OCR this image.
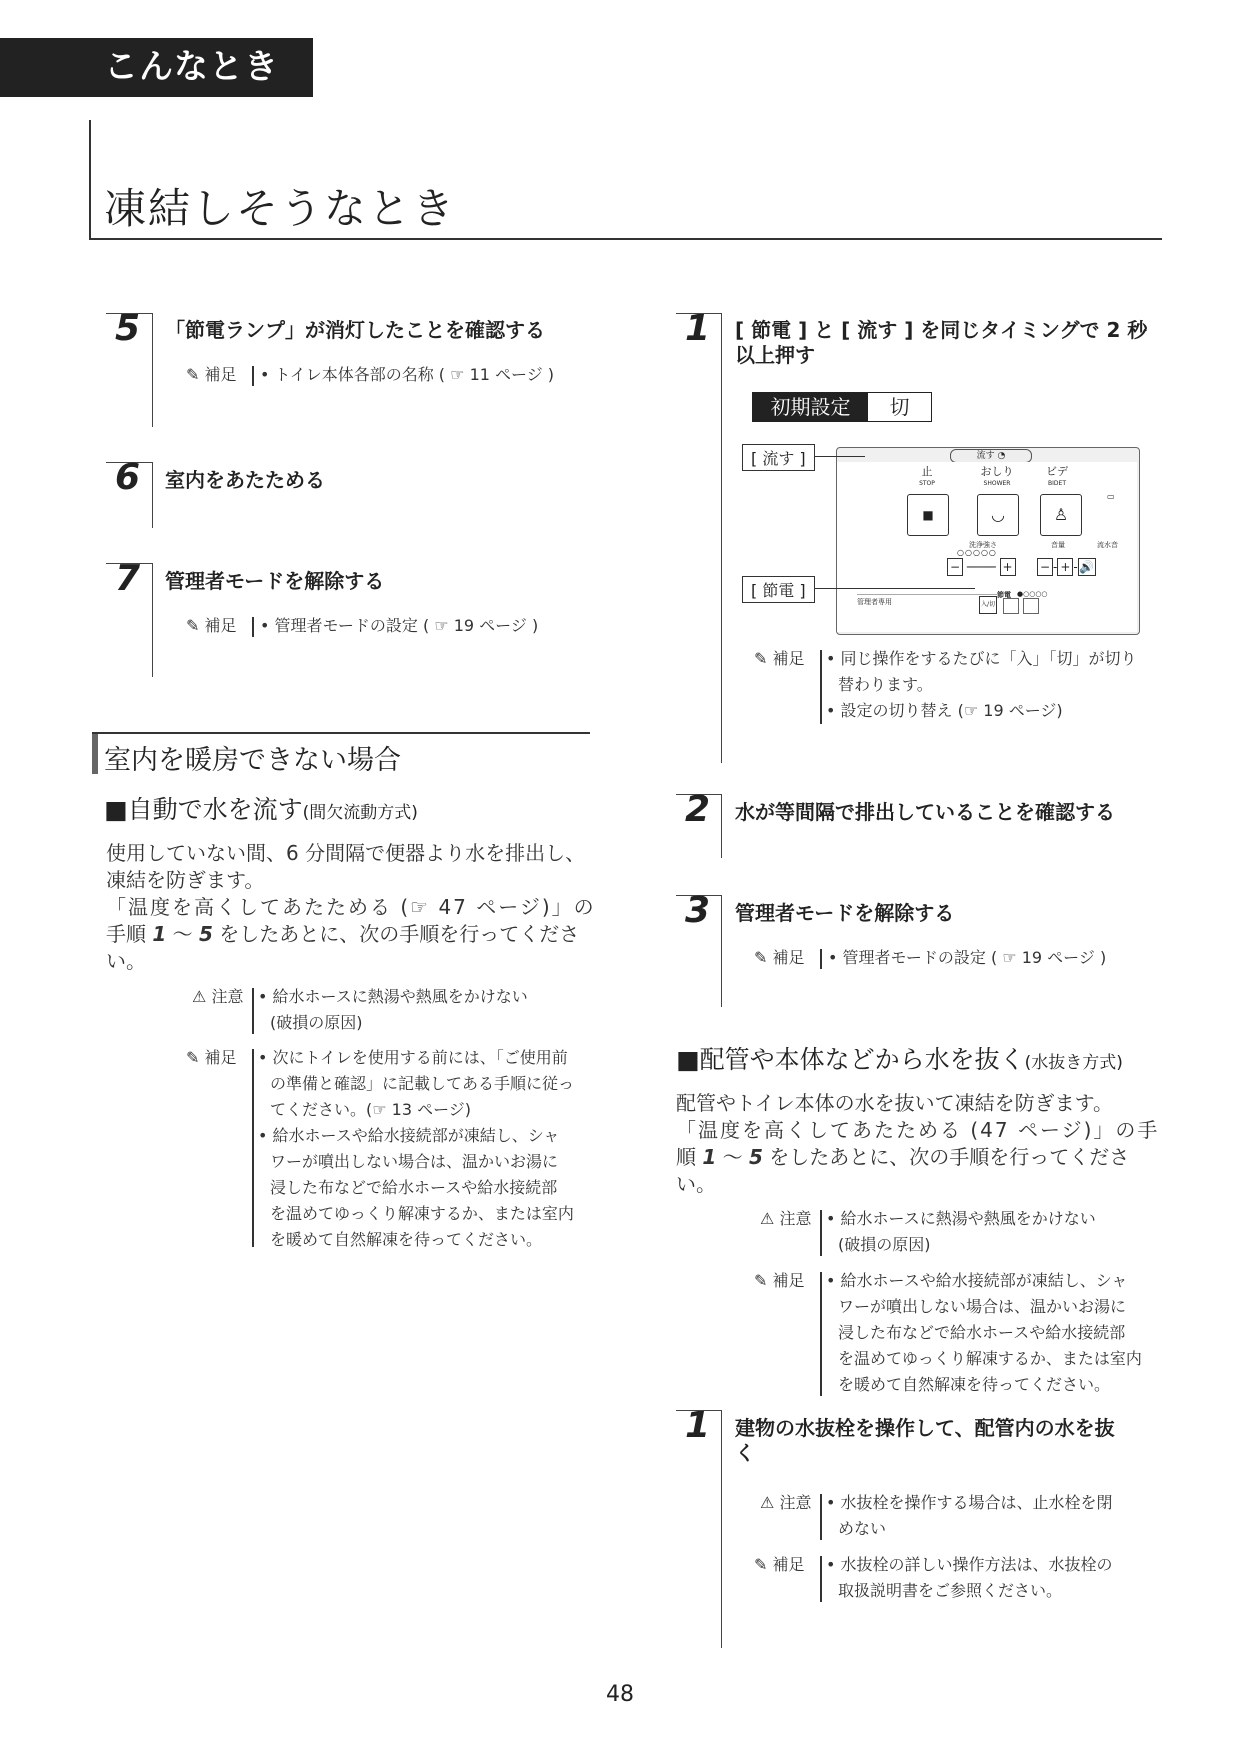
こんなときは
凍結しそうなとき
5 「節電ランプ」が消灯したことを確認する
✎ 補足 • トイレ本体各部の名称 ( ☞ 11 ページ )
6 室内をあたためる
7 管理者モードを解除する
✎ 補足 • 管理者モードの設定 ( ☞ 19 ページ )
室内を暖房できない場合
■自動で水を流す(間欠流動方式)
使用していない間、6 分間隔で便器より水を排出し、
凍結を防ぎます。
「温度を高くしてあたためる (☞ 47 ページ)」の
手順 1 ～ 5 をしたあとに、次の手順を行ってくださ
い。
⚠ 注意 • 給水ホースに熱湯や熱風をかけない
(破損の原因)
✎ 補足 • 次にトイレを使用する前には、「ご使用前
の準備と確認」に記載してある手順に従っ
てください。(☞ 13 ページ)
• 給水ホースや給水接続部が凍結し、シャ
ワーが噴出しない場合は、温かいお湯に
浸した布などで給水ホースや給水接続部
を温めてゆっくり解凍するか、または室内
を暖めて自然解凍を待ってください。
1 [ 節電 ] と [ 流す ] を同じタイミングで 2 秒
以上押す
初期設定	切
流す ◔
止
STOP
おしり
SHOWER
ビデ
BIDET
■	◡	♙
▭
洗浄強さ
○○○○○
− ──── +
音量	流水音
− - + - 🔊
管理者専用	入/切
節電 ●○○○○
[ 流す ]
[ 節電 ]
✎ 補足 • 同じ操作をするたびに「入」「切」が切り
替わります。
• 設定の切り替え (☞ 19 ページ)
2 水が等間隔で排出していることを確認する
3 管理者モードを解除する
✎ 補足 • 管理者モードの設定 ( ☞ 19 ページ )
■配管や本体などから水を抜く(水抜き方式)
配管やトイレ本体の水を抜いて凍結を防ぎます。
「温度を高くしてあたためる (47 ページ)」の手
順 1 ～ 5 をしたあとに、次の手順を行ってください。
⚠ 注意 • 給水ホースに熱湯や熱風をかけない
(破損の原因)
✎ 補足 • 給水ホースや給水接続部が凍結し、シャ
ワーが噴出しない場合は、温かいお湯に
浸した布などで給水ホースや給水接続部
を温めてゆっくり解凍するか、または室内
を暖めて自然解凍を待ってください。
1 建物の水抜栓を操作して、配管内の水を抜
く
⚠ 注意 • 水抜栓を操作する場合は、止水栓を閉
めない
✎ 補足 • 水抜栓の詳しい操作方法は、水抜栓の
取扱説明書をご参照ください。
48
